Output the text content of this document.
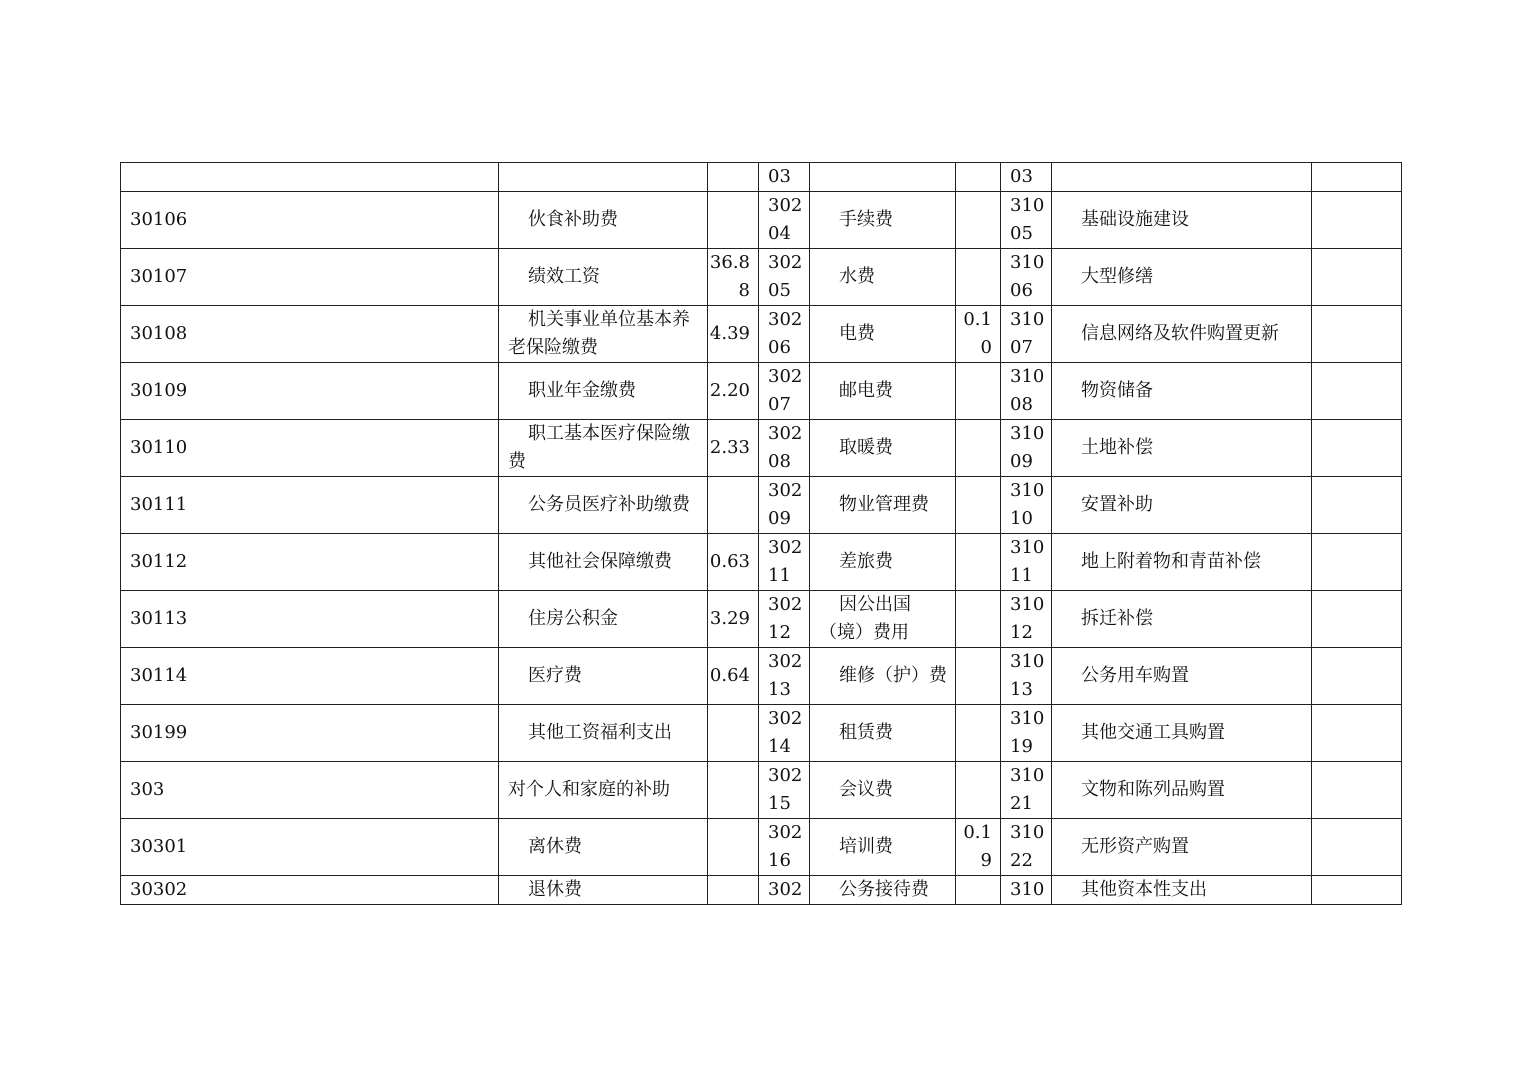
			03			03		
30106	伙食补助费		30204	手续费		31005	基础设施建设	
30107	绩效工资	36.88	30205	水费		31006	大型修缮	
30108	机关事业单位基本养老保险缴费	4.39	30206	电费	0.10	31007	信息网络及软件购置更新	
30109	职业年金缴费	2.20	30207	邮电费		31008	物资储备	
30110	职工基本医疗保险缴费	2.33	30208	取暖费		31009	土地补偿	
30111	公务员医疗补助缴费		30209	物业管理费		31010	安置补助	
30112	其他社会保障缴费	0.63	30211	差旅费		31011	地上附着物和青苗补偿	
30113	住房公积金	3.29	30212	因公出国（境）费用		31012	拆迁补偿	
30114	医疗费	0.64	30213	维修（护）费		31013	公务用车购置	
30199	其他工资福利支出		30214	租赁费		31019	其他交通工具购置	
303	对个人和家庭的补助		30215	会议费		31021	文物和陈列品购置	
30301	离休费		30216	培训费	0.19	31022	无形资产购置	
30302	退休费		302	公务接待费		310	其他资本性支出	
